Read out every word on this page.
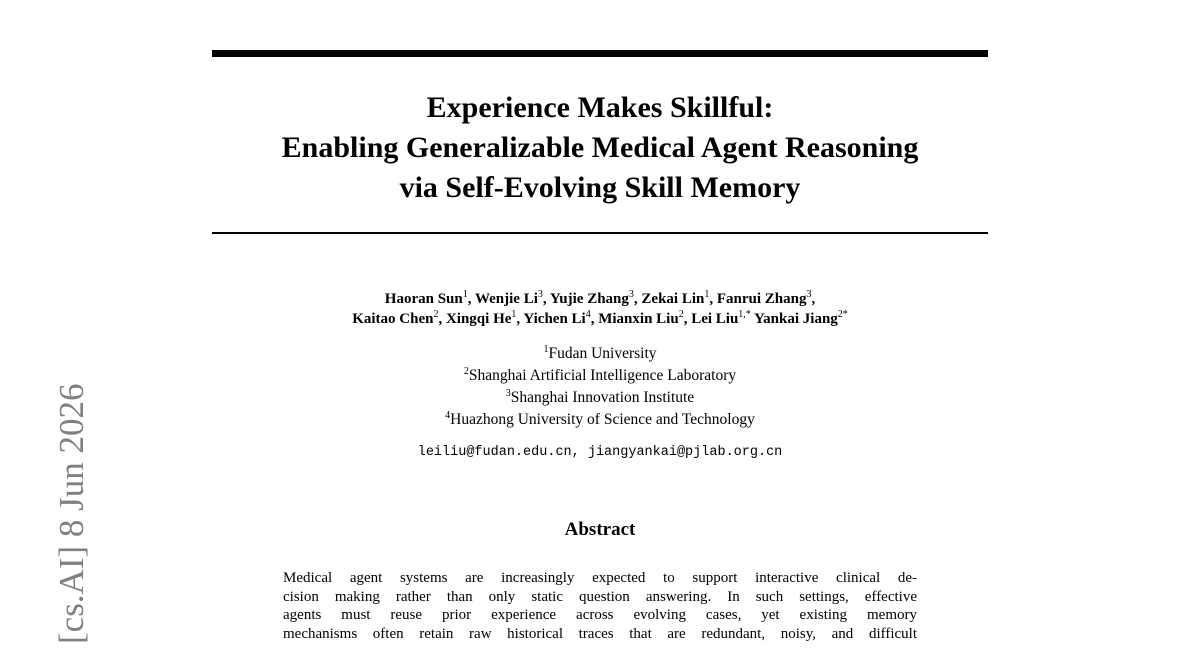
Experience Makes Skillful:
Enabling Generalizable Medical Agent Reasoning
via Self-Evolving Skill Memory
Haoran Sun$^1$, Wenjie Li$^3$, Yujie Zhang$^3$, Zekai Lin$^1$, Fanrui Zhang$^3$,
Kaitao Chen$^2$, Xingqi He$^1$, Yichen Li$^4$, Mianxin Liu$^2$, Lei Liu$^{1,*}$ Yankai Jiang$^{2*}$
$^1$Fudan University
$^2$Shanghai Artificial Intelligence Laboratory
$^3$Shanghai Innovation Institute
$^4$Huazhong University of Science and Technology
leiliu@fudan.edu.cn, jiangyankai@pjlab.org.cn
Abstract
Medical agent systems are increasingly expected to support interactive clinical de-
cision making rather than only static question answering. In such settings, effective
agents must reuse prior experience across evolving cases, yet existing memory
mechanisms often retain raw historical traces that are redundant, noisy, and difficult
[cs.AI] 8 Jun 2026
